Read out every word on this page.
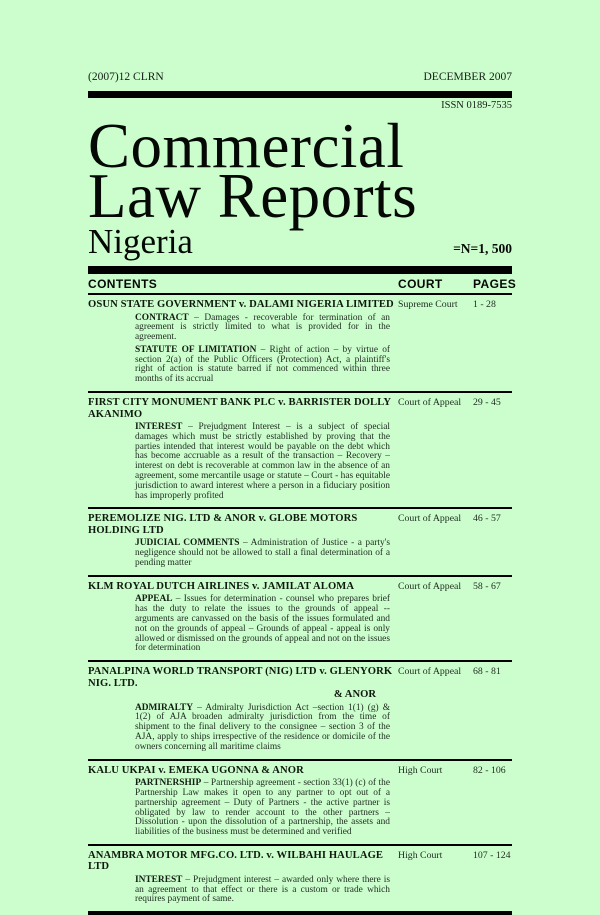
(2007)12 CLRN	DECEMBER 2007
ISSN 0189-7535
Commercial
Law Reports
Nigeria	=N=1, 500
CONTENTS	COURT	PAGES
OSUN STATE GOVERNMENT v. DALAMI NIGERIA LIMITED

CONTRACT – Damages - recoverable for termination of an agreement is strictly limited to what is provided for in the agreement.

STATUTE OF LIMITATION – Right of action – by virtue of section 2(a) of the Public Officers (Protection) Act, a plaintiff's right of action is statute barred if not commenced within three months of its accrual

Supreme Court	1 - 28
FIRST CITY MONUMENT BANK PLC v. BARRISTER DOLLY AKANIMO

INTEREST – Prejudgment Interest – is a subject of special damages which must be strictly established by proving that the parties intended that interest would be payable on the debt which has become accruable as a result of the transaction – Recovery – interest on debt is recoverable at common law in the absence of an agreement, some mercantile usage or statute – Court - has equitable jurisdiction to award interest where a person in a fiduciary position has improperly profited

Court of Appeal	29 - 45
PEREMOLIZE NIG. LTD & ANOR v. GLOBE MOTORS HOLDING LTD

JUDICIAL COMMENTS – Administration of Justice - a party's negligence should not be allowed to stall a final determination of a pending matter

Court of Appeal	46 - 57
KLM ROYAL DUTCH AIRLINES v. JAMILAT ALOMA

APPEAL – Issues for determination - counsel who prepares brief has the duty to relate the issues to the grounds of appeal -- arguments are canvassed on the basis of the issues formulated and not on the grounds of appeal – Grounds of appeal - appeal is only allowed or dismissed on the grounds of appeal and not on the issues for determination

Court of Appeal	58 - 67
PANALPINA WORLD TRANSPORT (NIG) LTD v. GLENYORK NIG. LTD.
& ANOR

ADMIRALTY – Admiralty Jurisdiction Act –section 1(1) (g) & 1(2) of AJA broaden admiralty jurisdiction from the time of shipment to the final delivery to the consignee – section 3 of the AJA, apply to ships irrespective of the residence or domicile of the owners concerning all maritime claims

Court of Appeal	68 - 81
KALU UKPAI v. EMEKA UGONNA & ANOR

PARTNERSHIP – Partnership agreement - section 33(1) (c) of the Partnership Law makes it open to any partner to opt out of a partnership agreement – Duty of Partners - the active partner is obligated by law to render account to the other partners – Dissolution - upon the dissolution of a partnership, the assets and liabilities of the business must be determined and verified

High Court	82 - 106
ANAMBRA MOTOR MFG.CO. LTD. v. WILBAHI HAULAGE LTD

INTEREST – Prejudgment interest – awarded only where there is an agreement to that effect or there is a custom or trade which requires payment of same.

High Court	107 - 124
